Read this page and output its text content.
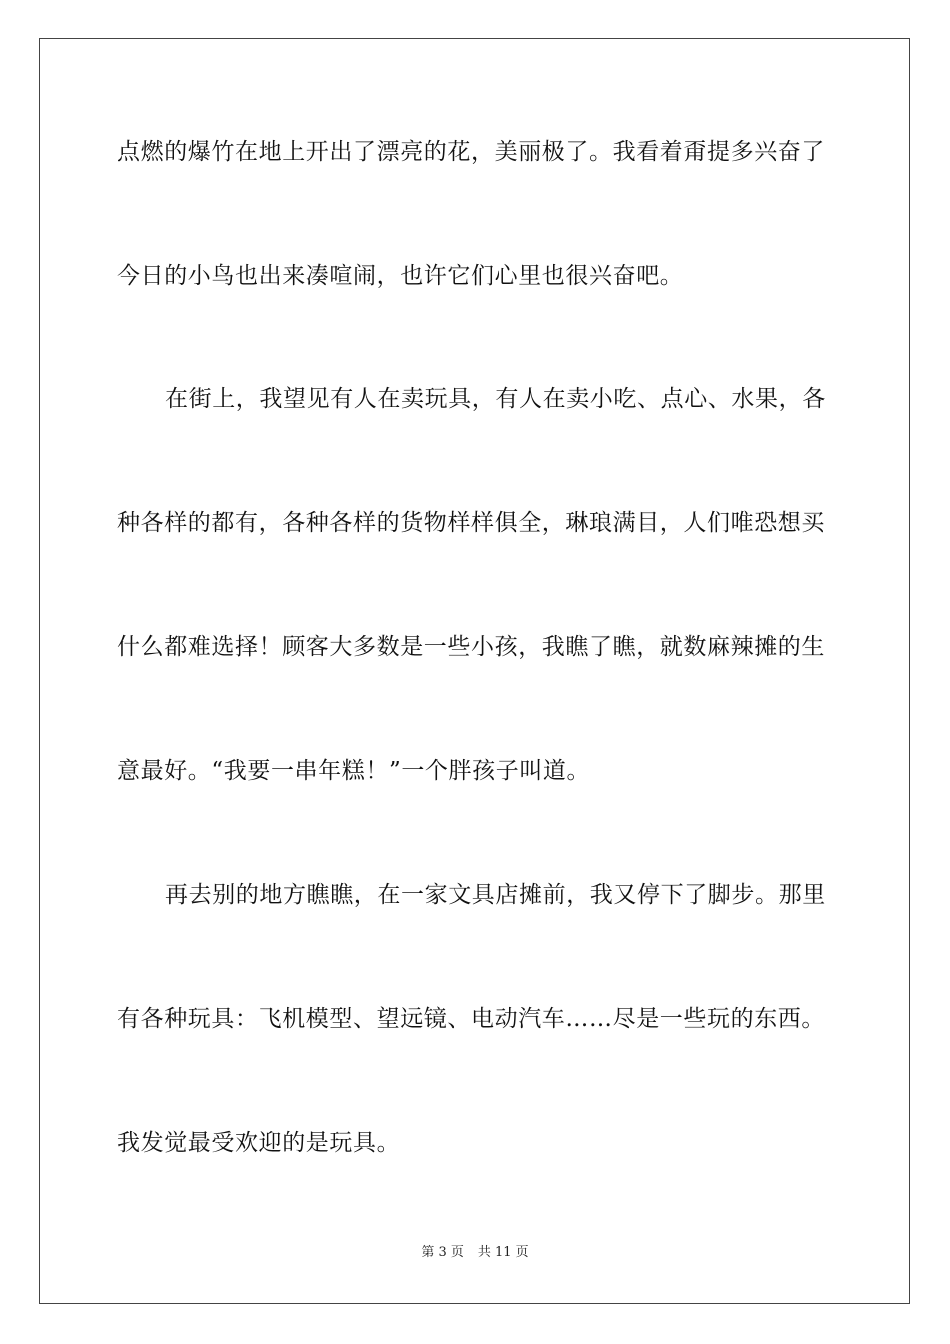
点燃的爆竹在地上开出了漂亮的花，美丽极了。我看着甭提多兴奋了
今日的小鸟也出来凑喧闹，也许它们心里也很兴奋吧。
在街上，我望见有人在卖玩具，有人在卖小吃、点心、水果，各
种各样的都有，各种各样的货物样样俱全，琳琅满目，人们唯恐想买
什么都难选择！顾客大多数是一些小孩，我瞧了瞧，就数麻辣摊的生
意最好。“我要一串年糕！”一个胖孩子叫道。
再去别的地方瞧瞧，在一家文具店摊前，我又停下了脚步。那里
有各种玩具：飞机模型、望远镜、电动汽车……尽是一些玩的东西。
我发觉最受欢迎的是玩具。
第 3 页 共 11 页
